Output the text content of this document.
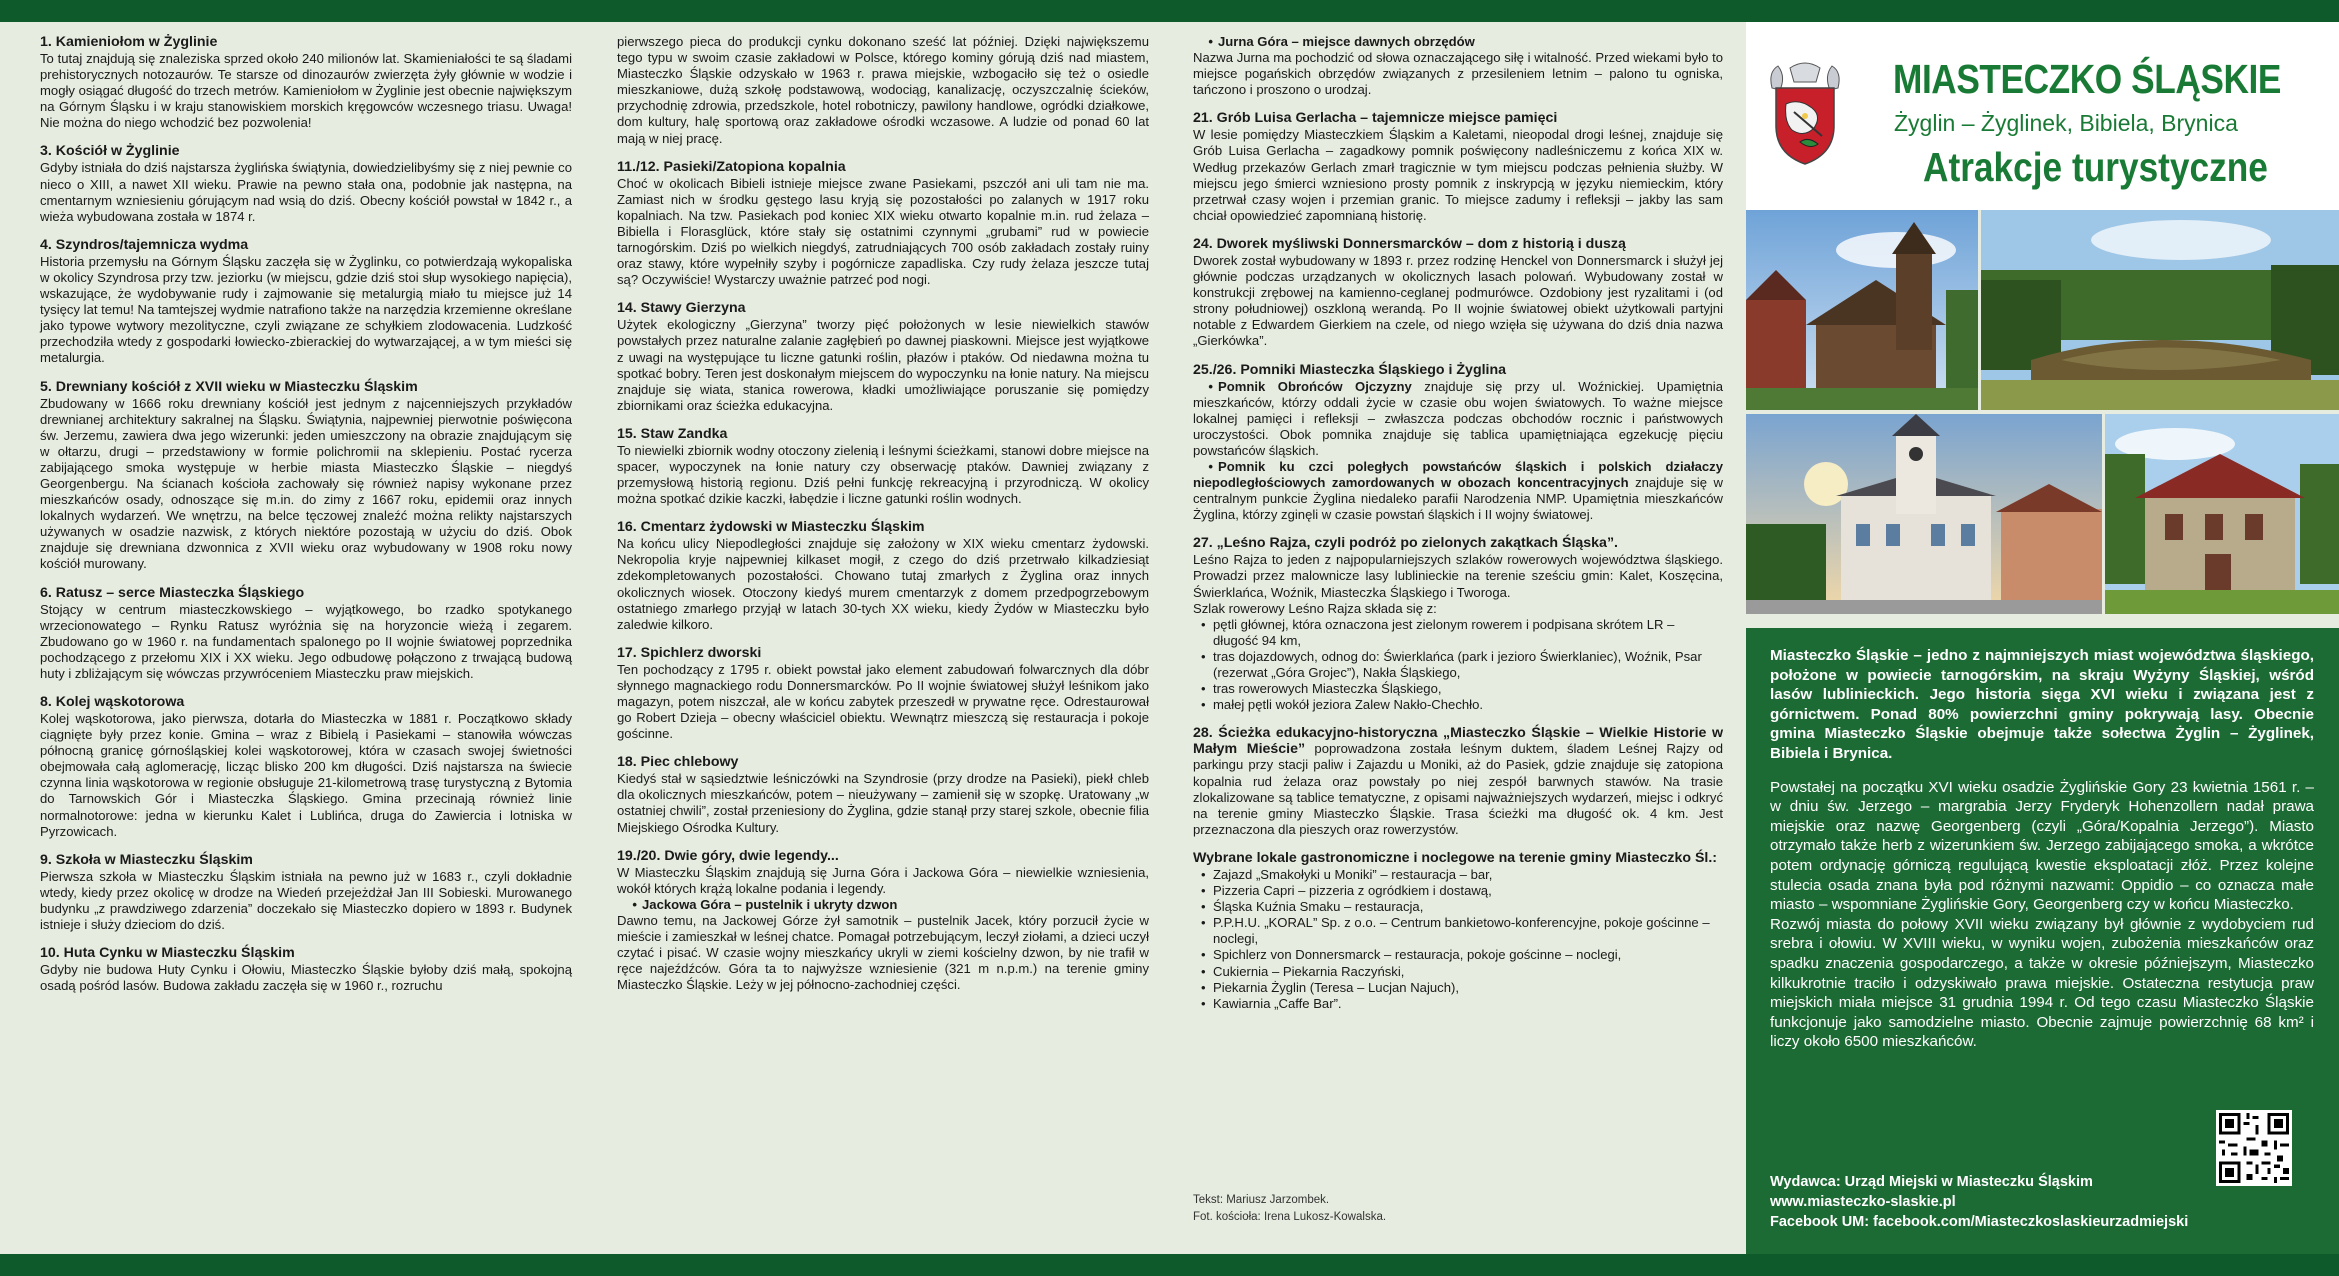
1. Kamieniołom w Żyglinie

To tutaj znajdują się znaleziska sprzed około 240 milionów lat. Skamieniałości te są śladami prehistorycznych notozaurów. Te starsze od dinozaurów zwierzęta żyły głównie w wodzie i mogły osiągać długość do trzech metrów. Kamieniołom w Żyglinie jest obecnie największym na Górnym Śląsku i w kraju stanowiskiem morskich kręgowców wczesnego triasu. Uwaga! Nie można do niego wchodzić bez pozwolenia!

3. Kościół w Żyglinie

Gdyby istniała do dziś najstarsza żyglińska świątynia, dowiedzielibyśmy się z niej pewnie co nieco o XIII, a nawet XII wieku. Prawie na pewno stała ona, podobnie jak następna, na cmentarnym wzniesieniu górującym nad wsią do dziś. Obecny kościół powstał w 1842 r., a wieża wybudowana została w 1874 r.

4. Szyndros/tajemnicza wydma

Historia przemysłu na Górnym Śląsku zaczęła się w Żyglinku, co potwierdzają wykopaliska w okolicy Szyndrosa przy tzw. jeziorku (w miejscu, gdzie dziś stoi słup wysokiego napięcia), wskazujące, że wydobywanie rudy i zajmowanie się metalurgią miało tu miejsce już 14 tysięcy lat temu! Na tamtejszej wydmie natrafiono także na narzędzia krzemienne określane jako typowe wytwory mezolityczne, czyli związane ze schyłkiem zlodowacenia. Ludzkość przechodziła wtedy z gospodarki łowiecko-zbierackiej do wytwarzającej, a w tym mieści się metalurgia.

5. Drewniany kościół z XVII wieku w Miasteczku Śląskim

Zbudowany w 1666 roku drewniany kościół jest jednym z najcenniejszych przykładów drewnianej architektury sakralnej na Śląsku. Świątynia, najpewniej pierwotnie poświęcona św. Jerzemu, zawiera dwa jego wizerunki: jeden umieszczony na obrazie znajdującym się w ołtarzu, drugi – przedstawiony w formie polichromii na sklepieniu. Postać rycerza zabijającego smoka występuje w herbie miasta Miasteczko Śląskie – niegdyś Georgenbergu. Na ścianach kościoła zachowały się również napisy wykonane przez mieszkańców osady, odnoszące się m.in. do zimy z 1667 roku, epidemii oraz innych lokalnych wydarzeń. We wnętrzu, na belce tęczowej znaleźć można relikty najstarszych używanych w osadzie nazwisk, z których niektóre pozostają w użyciu do dziś. Obok znajduje się drewniana dzwonnica z XVII wieku oraz wybudowany w 1908 roku nowy kościół murowany.

6. Ratusz – serce Miasteczka Śląskiego

Stojący w centrum miasteczkowskiego – wyjątkowego, bo rzadko spotykanego wrzecionowatego – Rynku Ratusz wyróżnia się na horyzoncie wieżą i zegarem. Zbudowano go w 1960 r. na fundamentach spalonego po II wojnie światowej poprzednika pochodzącego z przełomu XIX i XX wieku. Jego odbudowę połączono z trwającą budową huty i zbliżającym się wówczas przywróceniem Miasteczku praw miejskich.

8. Kolej wąskotorowa

Kolej wąskotorowa, jako pierwsza, dotarła do Miasteczka w 1881 r. Początkowo składy ciągnięte były przez konie. Gmina – wraz z Bibielą i Pasiekami – stanowiła wówczas północną granicę górnośląskiej kolei wąskotorowej, która w czasach swojej świetności obejmowała całą aglomerację, licząc blisko 200 km długości. Dziś najstarsza na świecie czynna linia wąskotorowa w regionie obsługuje 21-kilometrową trasę turystyczną z Bytomia do Tarnowskich Gór i Miasteczka Śląskiego. Gmina przecinają również linie normalnotorowe: jedna w kierunku Kalet i Lublińca, druga do Zawiercia i lotniska w Pyrzowicach.

9. Szkoła w Miasteczku Śląskim

Pierwsza szkoła w Miasteczku Śląskim istniała na pewno już w 1683 r., czyli dokładnie wtedy, kiedy przez okolicę w drodze na Wiedeń przejeżdżał Jan III Sobieski. Murowanego budynku „z prawdziwego zdarzenia” doczekało się Miasteczko dopiero w 1893 r. Budynek istnieje i służy dzieciom do dziś.

10. Huta Cynku w Miasteczku Śląskim

Gdyby nie budowa Huty Cynku i Ołowiu, Miasteczko Śląskie byłoby dziś małą, spokojną osadą pośród lasów. Budowa zakładu zaczęła się w 1960 r., rozruchu

pierwszego pieca do produkcji cynku dokonano sześć lat później. Dzięki największemu tego typu w swoim czasie zakładowi w Polsce, którego kominy górują dziś nad miastem, Miasteczko Śląskie odzyskało w 1963 r. prawa miejskie, wzbogaciło się też o osiedle mieszkaniowe, dużą szkołę podstawową, wodociąg, kanalizację, oczyszczalnię ścieków, przychodnię zdrowia, przedszkole, hotel robotniczy, pawilony handlowe, ogródki działkowe, dom kultury, halę sportową oraz zakładowe ośrodki wczasowe. A ludzie od ponad 60 lat mają w niej pracę.

11./12. Pasieki/Zatopiona kopalnia

Choć w okolicach Bibieli istnieje miejsce zwane Pasiekami, pszczół ani uli tam nie ma. Zamiast nich w środku gęstego lasu kryją się pozostałości po zalanych w 1917 roku kopalniach. Na tzw. Pasiekach pod koniec XIX wieku otwarto kopalnie m.in. rud żelaza – Bibiella i Florasglück, które stały się ostatnimi czynnymi „grubami” rud w powiecie tarnogórskim. Dziś po wielkich niegdyś, zatrudniających 700 osób zakładach zostały ruiny oraz stawy, które wypełniły szyby i pogórnicze zapadliska. Czy rudy żelaza jeszcze tutaj są? Oczywiście! Wystarczy uważnie patrzeć pod nogi.

14. Stawy Gierzyna

Użytek ekologiczny „Gierzyna” tworzy pięć położonych w lesie niewielkich stawów powstałych przez naturalne zalanie zagłębień po dawnej piaskowni. Miejsce jest wyjątkowe z uwagi na występujące tu liczne gatunki roślin, płazów i ptaków. Od niedawna można tu spotkać bobry. Teren jest doskonałym miejscem do wypoczynku na łonie natury. Na miejscu znajduje się wiata, stanica rowerowa, kładki umożliwiające poruszanie się pomiędzy zbiornikami oraz ścieżka edukacyjna.

15. Staw Zandka

To niewielki zbiornik wodny otoczony zielenią i leśnymi ścieżkami, stanowi dobre miejsce na spacer, wypoczynek na łonie natury czy obserwację ptaków. Dawniej związany z przemysłową historią regionu. Dziś pełni funkcję rekreacyjną i przyrodniczą. W okolicy można spotkać dzikie kaczki, łabędzie i liczne gatunki roślin wodnych.

16. Cmentarz żydowski w Miasteczku Śląskim

Na końcu ulicy Niepodległości znajduje się założony w XIX wieku cmentarz żydowski. Nekropolia kryje najpewniej kilkaset mogił, z czego do dziś przetrwało kilkadziesiąt zdekompletowanych pozostałości. Chowano tutaj zmarłych z Żyglina oraz innych okolicznych wiosek. Otoczony kiedyś murem cmentarzyk z domem przedpogrzebowym ostatniego zmarłego przyjął w latach 30-tych XX wieku, kiedy Żydów w Miasteczku było zaledwie kilkoro.

17. Spichlerz dworski

Ten pochodzący z 1795 r. obiekt powstał jako element zabudowań folwarcznych dla dóbr słynnego magnackiego rodu Donnersmarcków. Po II wojnie światowej służył leśnikom jako magazyn, potem niszczał, ale w końcu zabytek przeszedł w prywatne ręce. Odrestaurował go Robert Dzieja – obecny właściciel obiektu. Wewnątrz mieszczą się restauracja i pokoje gościnne.

18. Piec chlebowy

Kiedyś stał w sąsiedztwie leśniczówki na Szyndrosie (przy drodze na Pasieki), piekł chleb dla okolicznych mieszkańców, potem – nieużywany – zamienił się w szopkę. Uratowany „w ostatniej chwili”, został przeniesiony do Żyglina, gdzie stanął przy starej szkole, obecnie filia Miejskiego Ośrodka Kultury.

19./20. Dwie góry, dwie legendy...

W Miasteczku Śląskim znajdują się Jurna Góra i Jackowa Góra – niewielkie wzniesienia, wokół których krążą lokalne podania i legendy.

• Jackowa Góra – pustelnik i ukryty dzwon

Dawno temu, na Jackowej Górze żył samotnik – pustelnik Jacek, który porzucił życie w mieście i zamieszkał w leśnej chatce. Pomagał potrzebującym, leczył ziołami, a dzieci uczył czytać i pisać. W czasie wojny mieszkańcy ukryli w ziemi kościelny dzwon, by nie trafił w ręce najeźdźców. Góra ta to najwyższe wzniesienie (321 m n.p.m.) na terenie gminy Miasteczko Śląskie. Leży w jej północno-zachodniej części.

• Jurna Góra – miejsce dawnych obrzędów

Nazwa Jurna ma pochodzić od słowa oznaczającego siłę i witalność. Przed wiekami było to miejsce pogańskich obrzędów związanych z przesileniem letnim – palono tu ogniska, tańczono i proszono o urodzaj.

21. Grób Luisa Gerlacha – tajemnicze miejsce pamięci

W lesie pomiędzy Miasteczkiem Śląskim a Kaletami, nieopodal drogi leśnej, znajduje się Grób Luisa Gerlacha – zagadkowy pomnik poświęcony nadleśniczemu z końca XIX w. Według przekazów Gerlach zmarł tragicznie w tym miejscu podczas pełnienia służby. W miejscu jego śmierci wzniesiono prosty pomnik z inskrypcją w języku niemieckim, który przetrwał czasy wojen i przemian granic. To miejsce zadumy i refleksji – jakby las sam chciał opowiedzieć zapomnianą historię.

24. Dworek myśliwski Donnersmarcków – dom z historią i duszą

Dworek został wybudowany w 1893 r. przez rodzinę Henckel von Donnersmarck i służył jej głównie podczas urządzanych w okolicznych lasach polowań. Wybudowany został w konstrukcji zrębowej na kamienno-ceglanej podmurówce. Ozdobiony jest ryzalitami i (od strony południowej) oszkloną werandą. Po II wojnie światowej obiekt użytkowali partyjni notable z Edwardem Gierkiem na czele, od niego wzięła się używana do dziś dnia nazwa „Gierkówka”.

25./26. Pomniki Miasteczka Śląskiego i Żyglina

• Pomnik Obrońców Ojczyzny znajduje się przy ul. Woźnickiej. Upamiętnia mieszkańców, którzy oddali życie w czasie obu wojen światowych. To ważne miejsce lokalnej pamięci i refleksji – zwłaszcza podczas obchodów rocznic i państwowych uroczystości. Obok pomnika znajduje się tablica upamiętniająca egzekucję pięciu powstańców śląskich.

• Pomnik ku czci poległych powstańców śląskich i polskich działaczy niepodległościowych zamordowanych w obozach koncentracyjnych znajduje się w centralnym punkcie Żyglina niedaleko parafii Narodzenia NMP. Upamiętnia mieszkańców Żyglina, którzy zginęli w czasie powstań śląskich i II wojny światowej.

27. „Leśno Rajza, czyli podróż po zielonych zakątkach Śląska”.

Leśno Rajza to jeden z najpopularniejszych szlaków rowerowych województwa śląskiego. Prowadzi przez malownicze lasy lublinieckie na terenie sześciu gmin: Kalet, Koszęcina, Świerklańca, Woźnik, Miasteczka Śląskiego i Tworoga.

Szlak rowerowy Leśno Rajza składa się z:

• pętli głównej, która oznaczona jest zielonym rowerem i podpisana skrótem LR – długość 94 km,
• tras dojazdowych, odnog do: Świerklańca (park i jezioro Świerklaniec), Woźnik, Psar (rezerwat „Góra Grojec”), Nakła Śląskiego,
• tras rowerowych Miasteczka Śląskiego,
• małej pętli wokół jeziora Zalew Nakło-Chechło.

28. Ścieżka edukacyjno-historyczna „Miasteczko Śląskie – Wielkie Historie w Małym Mieście” poprowadzona została leśnym duktem, śladem Leśnej Rajzy od parkingu przy stacji paliw i Zajazdu u Moniki, aż do Pasiek, gdzie znajduje się zatopiona kopalnia rud żelaza oraz powstały po niej zespół barwnych stawów. Na trasie zlokalizowane są tablice tematyczne, z opisami najważniejszych wydarzeń, miejsc i odkryć na terenie gminy Miasteczko Śląskie. Trasa ścieżki ma długość ok. 4 km. Jest przeznaczona dla pieszych oraz rowerzystów.

Wybrane lokale gastronomiczne i noclegowe na terenie gminy Miasteczko Śl.:
• Zajazd „Smakołyki u Moniki” – restauracja – bar,
• Pizzeria Capri – pizzeria z ogródkiem i dostawą,
• Śląska Kuźnia Smaku – restauracja,
• P.P.H.U. „KORAL” Sp. z o.o. – Centrum bankietowo-konferencyjne, pokoje gościnne – noclegi,
• Spichlerz von Donnersmarck – restauracja, pokoje gościnne – noclegi,
• Cukiernia – Piekarnia Raczyński,
• Piekarnia Żyglin (Teresa – Lucjan Najuch),
• Kawiarnia „Caffe Bar”.

Tekst: Mariusz Jarzombek.

Fot. kościoła: Irena Lukosz-Kowalska.

MIASTECZKO ŚLĄSKIE
Żyglin – Żyglinek, Bibiela, Brynica
Atrakcje turystyczne

Miasteczko Śląskie – jedno z najmniejszych miast województwa śląskiego, położone w powiecie tarnogórskim, na skraju Wyżyny Śląskiej, wśród lasów lublinieckich. Jego historia sięga XVI wieku i związana jest z górnictwem. Ponad 80% powierzchni gminy pokrywają lasy. Obecnie gmina Miasteczko Śląskie obejmuje także sołectwa Żyglin – Żyglinek, Bibiela i Brynica.

Powstałej na początku XVI wieku osadzie Żyglińskie Gory 23 kwietnia 1561 r. – w dniu św. Jerzego – margrabia Jerzy Fryderyk Hohenzollern nadał prawa miejskie oraz nazwę Georgenberg (czyli „Góra/Kopalnia Jerzego”). Miasto otrzymało także herb z wizerunkiem św. Jerzego zabijającego smoka, a wkrótce potem ordynację górniczą regulującą kwestie eksploatacji złóż. Przez kolejne stulecia osada znana była pod różnymi nazwami: Oppidio – co oznacza małe miasto – wspomniane Żyglińskie Gory, Georgenberg czy w końcu Miasteczko.

Rozwój miasta do połowy XVII wieku związany był głównie z wydobyciem rud srebra i ołowiu. W XVIII wieku, w wyniku wojen, zubożenia mieszkańców oraz spadku znaczenia gospodarczego, a także w okresie późniejszym, Miasteczko kilkukrotnie traciło i odzyskiwało prawa miejskie. Ostateczna restytucja praw miejskich miała miejsce 31 grudnia 1994 r. Od tego czasu Miasteczko Śląskie funkcjonuje jako samodzielne miasto. Obecnie zajmuje powierzchnię 68 km² i liczy około 6500 mieszkańców.

Wydawca: Urząd Miejski w Miasteczku Śląskim

www.miasteczko-slaskie.pl

Facebook UM: facebook.com/Miasteczkoslaskieurzadmiejski
